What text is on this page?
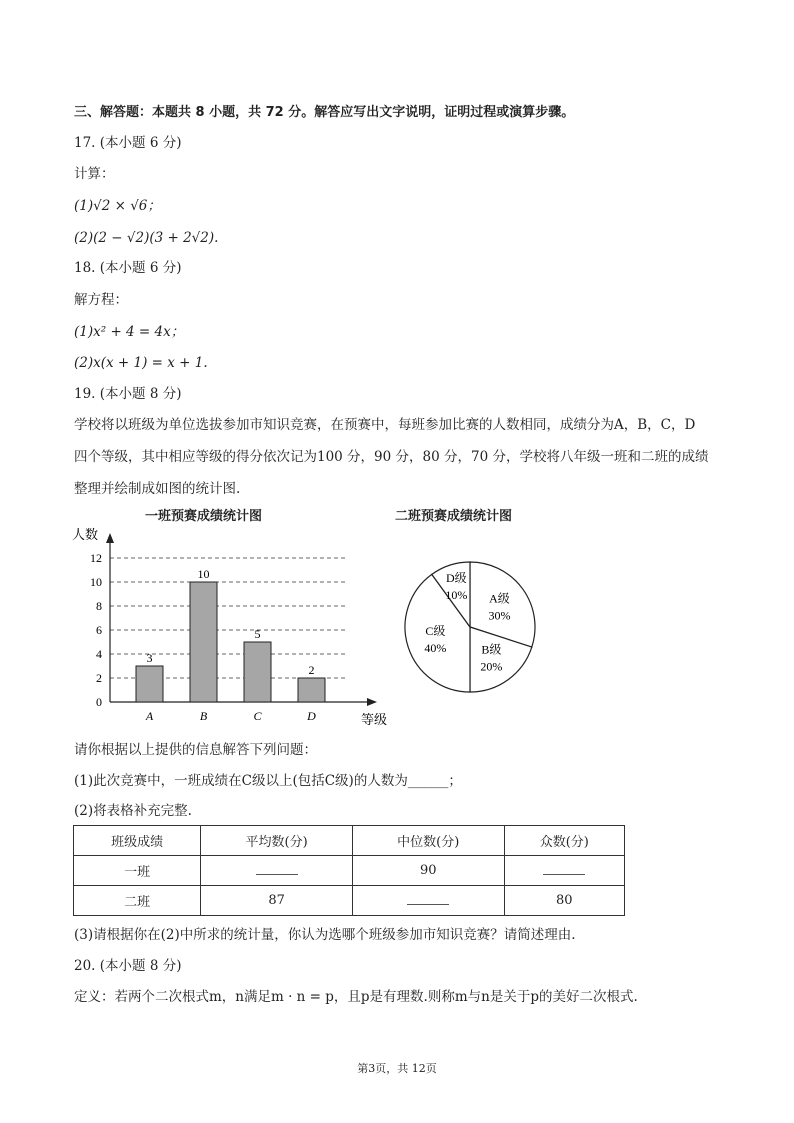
三、解答题：本题共 8 小题，共 72 分。解答应写出文字说明，证明过程或演算步骤。
17. (本小题 6 分)
计算：
(1)√2 × √6；
(2)(2 − √2)(3 + 2√2).
18. (本小题 6 分)
解方程：
(1)x² + 4 = 4x；
(2)x(x + 1) = x + 1.
19. (本小题 8 分)
学校将以班级为单位选拔参加市知识竞赛，在预赛中，每班参加比赛的人数相同，成绩分为A，B，C，D
四个等级，其中相应等级的得分依次记为100 分，90 分，80 分，70 分，学校将八年级一班和二班的成绩
整理并绘制成如图的统计图.
一班预赛成绩统计图
0
2
4
6
8
10
12
人数
等级
3
A
10
B
5
C
2
D
二班预赛成绩统计图
A级
30%
B级
20%
C级
40%
D级
10%
请你根据以上提供的信息解答下列问题：
(1)此次竞赛中，一班成绩在C级以上(包括C级)的人数为______；
(2)将表格补充完整.
班级成绩	平均数(分)	中位数(分)	众数(分)
一班		90	
二班	87		80
(3)请根据你在(2)中所求的统计量，你认为选哪个班级参加市知识竞赛？请简述理由.
20. (本小题 8 分)
定义：若两个二次根式m，n满足m · n = p，且p是有理数.则称m与n是关于p的美好二次根式.
第3页，共 12页
